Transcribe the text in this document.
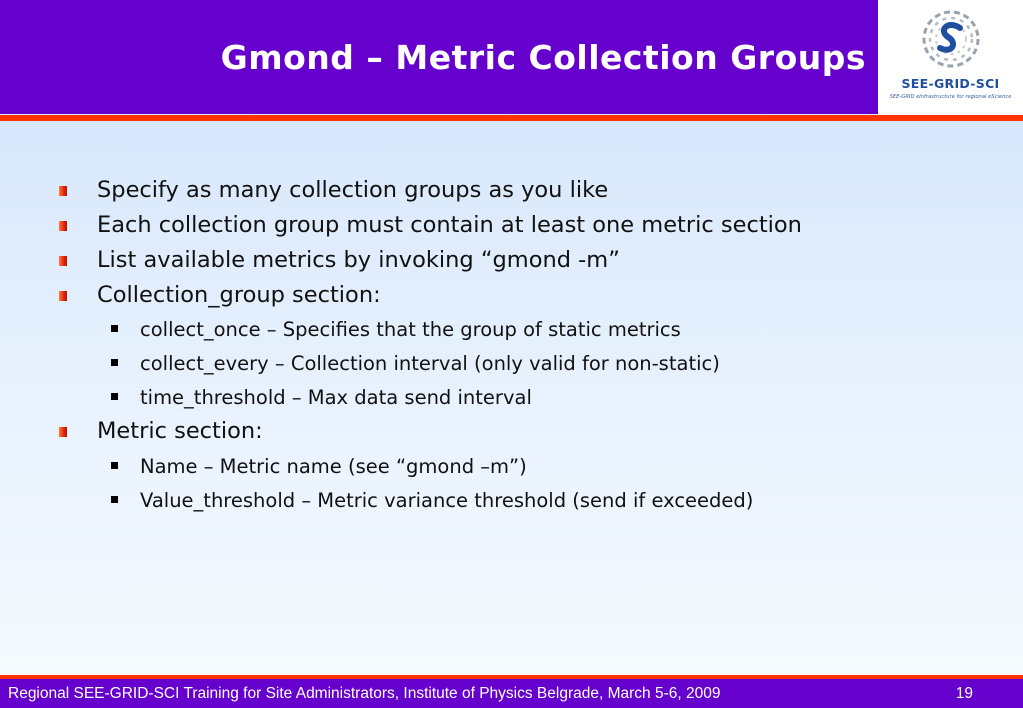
Gmond – Metric Collection Groups
SEE-GRID-SCI
SEE-GRID eInfrastructure for regional eScience
Specify as many collection groups as you like
Each collection group must contain at least one metric section
List available metrics by invoking “gmond -m”
Collection_group section:
collect_once – Specifies that the group of static metrics
collect_every – Collection interval (only valid for non-static)
time_threshold – Max data send interval
Metric section:
Name – Metric name (see “gmond –m”)
Value_threshold – Metric variance threshold (send if exceeded)
Regional SEE-GRID-SCI Training for Site Administrators, Institute of Physics Belgrade, March 5-6, 2009	19
